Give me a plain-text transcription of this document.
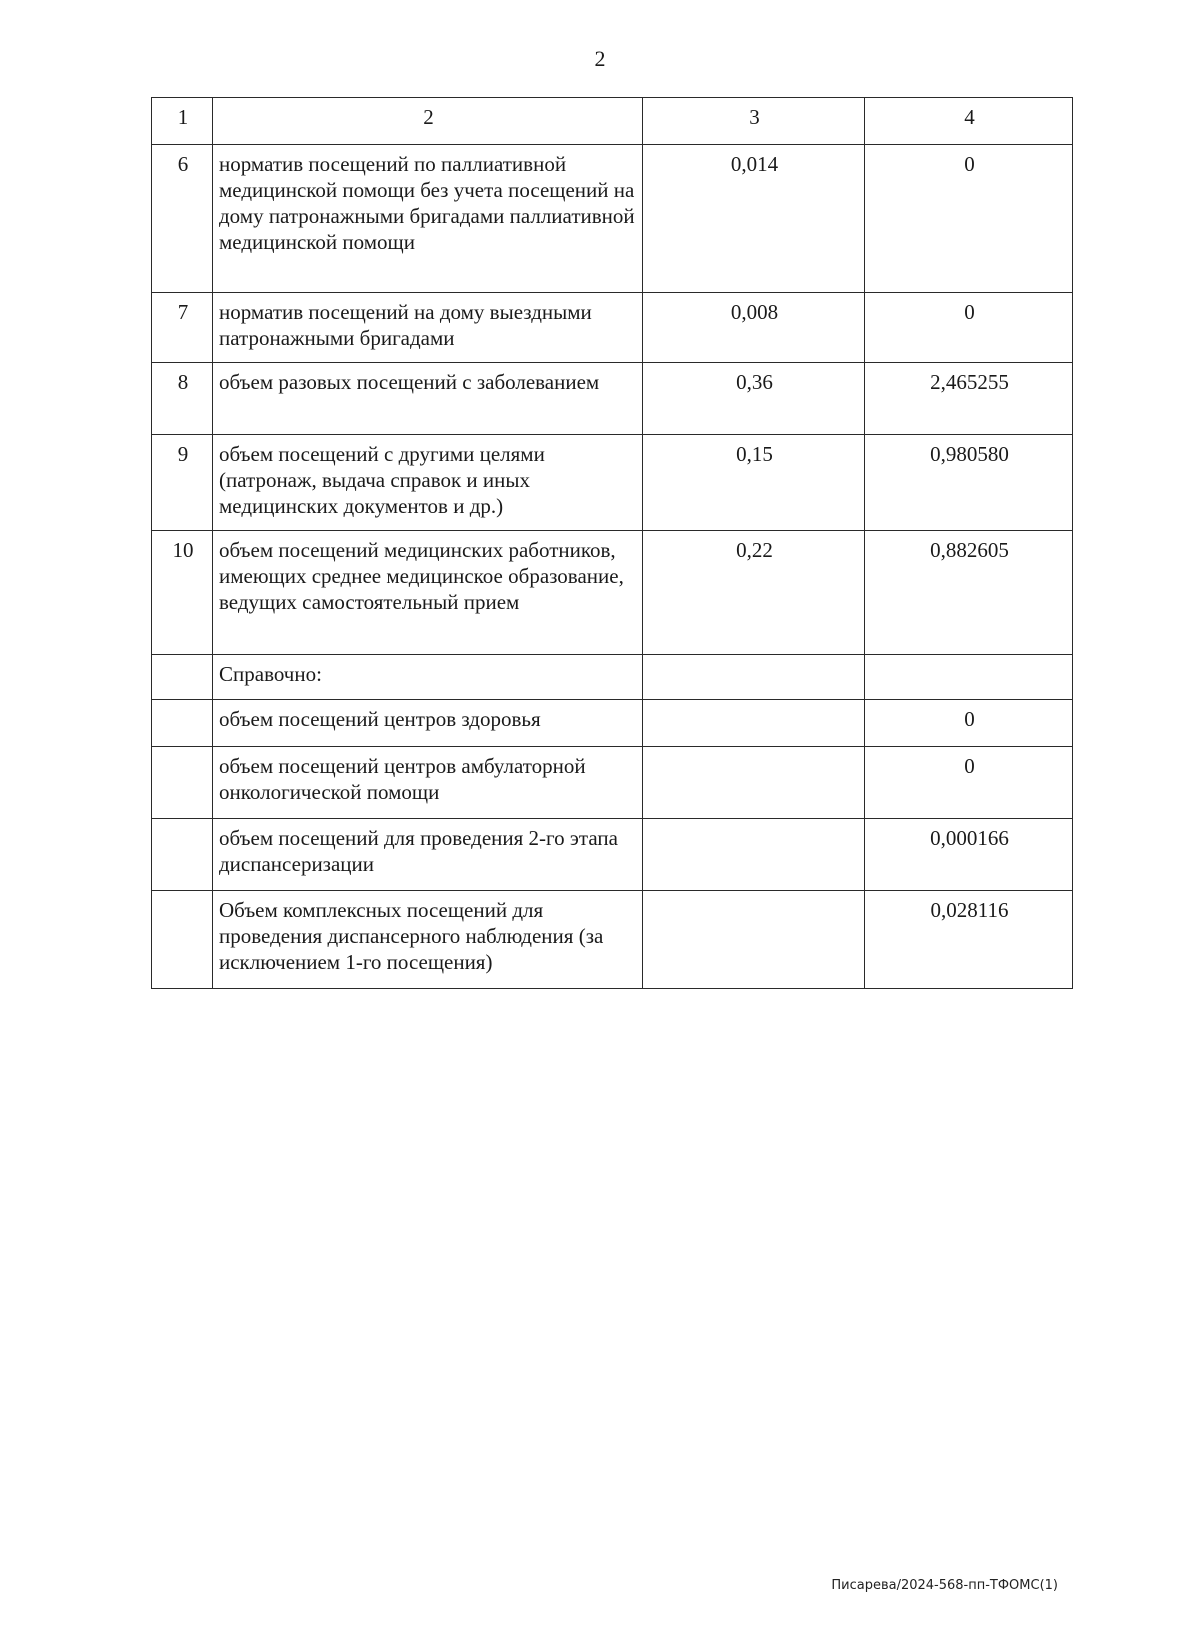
2
1	2	3	4
6	норматив посещений по паллиативной медицинской помощи без учета посещений на дому патронажными бригадами паллиативной медицинской помощи	0,014	0
7	норматив посещений на дому выездными патронажными бригадами	0,008	0
8	объем разовых посещений с заболеванием	0,36	2,465255
9	объем посещений с другими целями (патронаж, выдача справок и иных медицинских документов и др.)	0,15	0,980580
10	объем посещений медицинских работников, имеющих среднее медицинское образование, ведущих самостоятельный прием	0,22	0,882605
	Справочно:		
	объем посещений центров здоровья		0
	объем посещений центров амбулаторной онкологической помощи		0
	объем посещений для проведения 2-го этапа диспансеризации		0,000166
	Объем комплексных посещений для проведения диспансерного наблюдения (за исключением 1-го посещения)		0,028116
Писарева/2024-568-пп-ТФОМС(1)
